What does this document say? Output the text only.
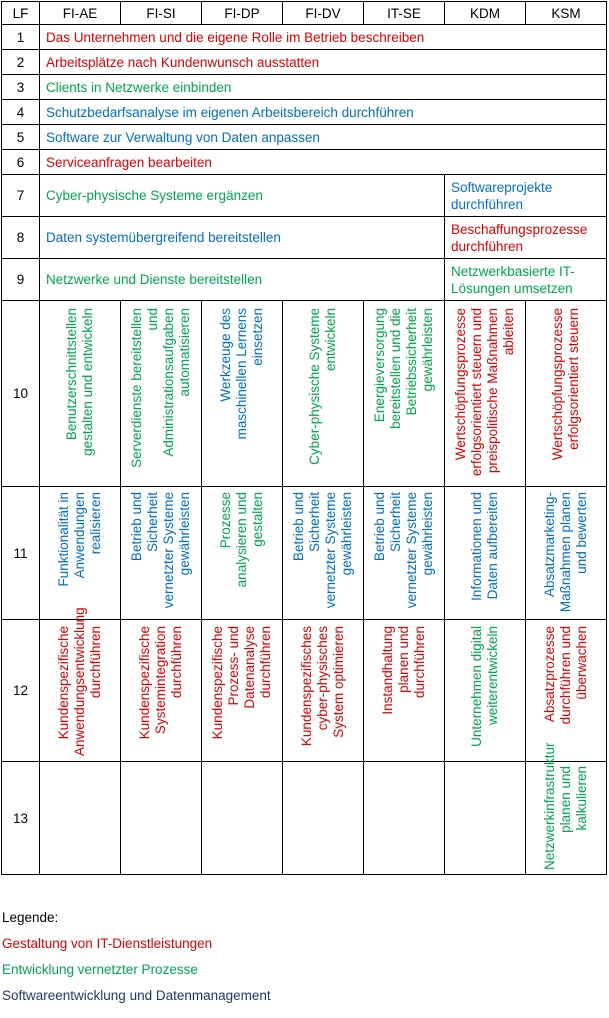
LF	FI-AE	FI-SI	FI-DP	FI-DV	IT-SE	KDM	KSM
1	Das Unternehmen und die eigene Rolle im Betrieb beschreiben						
2	Arbeitsplätze nach Kundenwunsch ausstatten						
3	Clients in Netzwerke einbinden						
4	Schutzbedarfsanalyse im eigenen Arbeitsbereich durchführen						
5	Software zur Verwaltung von Daten anpassen						
6	Serviceanfragen bearbeiten						
7	Cyber-physische Systeme ergänzen					Softwareprojekte durchführen	
8	Daten systemübergreifend bereitstellen					Beschaffungsprozesse durchführen	
9	Netzwerke und Dienste bereitstellen					Netzwerkbasierte IT-Lösungen umsetzen	
10	Benutzerschnittstellen gestalten und entwickeln	Serverdienste bereitstellen und Administrationsaufgaben automatisieren	Werkzeuge des maschinellen Lernens einsetzen	Cyber-physische Systeme entwickeln	Energieversorgung bereitstellen und die Betriebssicherheit gewährleisten	Wertschöpfungsprozesse erfolgsorientiert steuern und preispolitische Maßnahmen ableiten	Wertschöpfungsprozesse erfolgsorientiert steuern

11	Funktionalität in Anwendungen realisieren	Betrieb und Sicherheit vernetzter Systeme gewährleisten	Prozesse analysieren und gestalten	Betrieb und Sicherheit vernetzter Systeme gewährleisten	Betrieb und Sicherheit vernetzter Systeme gewährleisten	Informationen und Daten aufbereiten	Absatzmarketing-Maßnahmen planen und bewerten

12	Kundenspezifische Anwendungsentwicklung durchführen	Kundenspezifische Systemintegration durchführen	Kundenspezifische Prozess- und Datenanalyse durchführen	Kundenspezifisches cyber-physisches System optimieren	Instandhaltung planen und durchführen	Unternehmen digital weiterentwickeln	Absatzprozesse durchführen und überwachen

13							Netzwerkinfrastruktur planen und kalkulieren
Legende:
Gestaltung von IT-Dienstleistungen
Entwicklung vernetzter Prozesse
Softwareentwicklung und Datenmanagement
